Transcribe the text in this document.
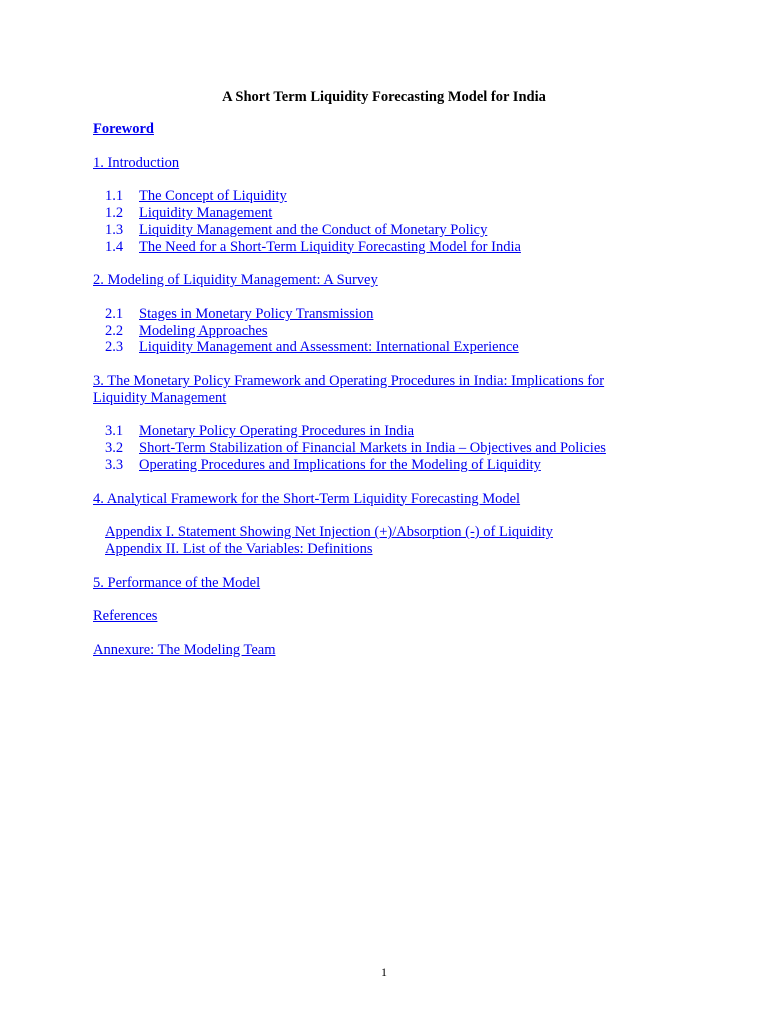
A Short Term Liquidity Forecasting Model for India
Foreword
1. Introduction
1.1 The Concept of Liquidity
1.2 Liquidity Management
1.3 Liquidity Management and the Conduct of Monetary Policy
1.4 The Need for a Short-Term Liquidity Forecasting Model for India
2. Modeling of Liquidity Management: A Survey
2.1 Stages in Monetary Policy Transmission
2.2 Modeling Approaches
2.3 Liquidity Management and Assessment: International Experience
3. The Monetary Policy Framework and Operating Procedures in India: Implications for
Liquidity Management
3.1 Monetary Policy Operating Procedures in India
3.2 Short-Term Stabilization of Financial Markets in India – Objectives and Policies
3.3 Operating Procedures and Implications for the Modeling of Liquidity
4. Analytical Framework for the Short-Term Liquidity Forecasting Model
Appendix I. Statement Showing Net Injection (+)/Absorption (-) of Liquidity
Appendix II. List of the Variables: Definitions
5. Performance of the Model
References
Annexure: The Modeling Team
1
